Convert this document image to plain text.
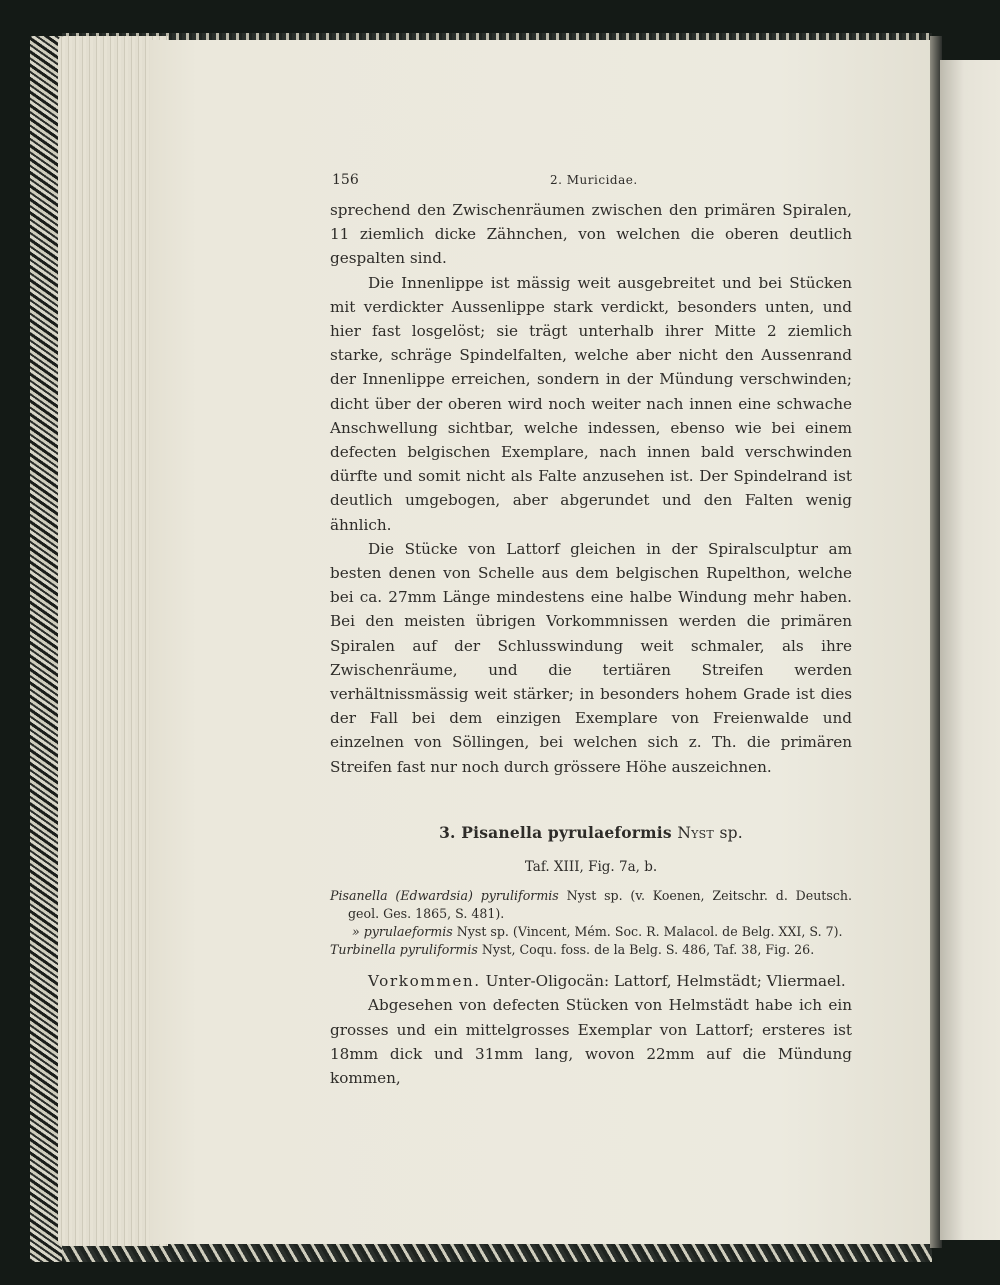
156	2. Muricidae.

sprechend den Zwischenräumen zwischen den primären Spiralen, 11 ziemlich dicke Zähnchen, von welchen die oberen deutlich gespalten sind.

Die Innenlippe ist mässig weit ausgebreitet und bei Stücken mit verdickter Aussenlippe stark verdickt, besonders unten, und hier fast losgelöst; sie trägt unterhalb ihrer Mitte 2 ziemlich starke, schräge Spindelfalten, welche aber nicht den Aussenrand der Innenlippe erreichen, sondern in der Mündung verschwinden; dicht über der oberen wird noch weiter nach innen eine schwache Anschwellung sichtbar, welche indessen, ebenso wie bei einem defecten belgischen Exemplare, nach innen bald verschwinden dürfte und somit nicht als Falte anzusehen ist. Der Spindelrand ist deutlich umgebogen, aber abgerundet und den Falten wenig ähnlich.

Die Stücke von Lattorf gleichen in der Spiralsculptur am besten denen von Schelle aus dem belgischen Rupelthon, welche bei ca. 27mm Länge mindestens eine halbe Windung mehr haben. Bei den meisten übrigen Vorkommnissen werden die primären Spiralen auf der Schlusswindung weit schmaler, als ihre Zwischenräume, und die tertiären Streifen werden verhältnissmässig weit stärker; in besonders hohem Grade ist dies der Fall bei dem einzigen Exemplare von Freienwalde und einzelnen von Söllingen, bei welchen sich z. Th. die primären Streifen fast nur noch durch grössere Höhe auszeichnen.

3. Pisanella pyrulaeformis Nyst sp.
Taf. XIII, Fig. 7a, b.
Pisanella (Edwardsia) pyruliformis Nyst sp. (v. Koenen, Zeitschr. d. Deutsch. geol. Ges. 1865, S. 481).
» pyrulaeformis Nyst sp. (Vincent, Mém. Soc. R. Malacol. de Belg. XXI, S. 7).
Turbinella pyruliformis Nyst, Coqu. foss. de la Belg. S. 486, Taf. 38, Fig. 26.

Vorkommen. Unter-Oligocän: Lattorf, Helmstädt; Vliermael.

Abgesehen von defecten Stücken von Helmstädt habe ich ein grosses und ein mittelgrosses Exemplar von Lattorf; ersteres ist 18mm dick und 31mm lang, wovon 22mm auf die Mündung kommen,
